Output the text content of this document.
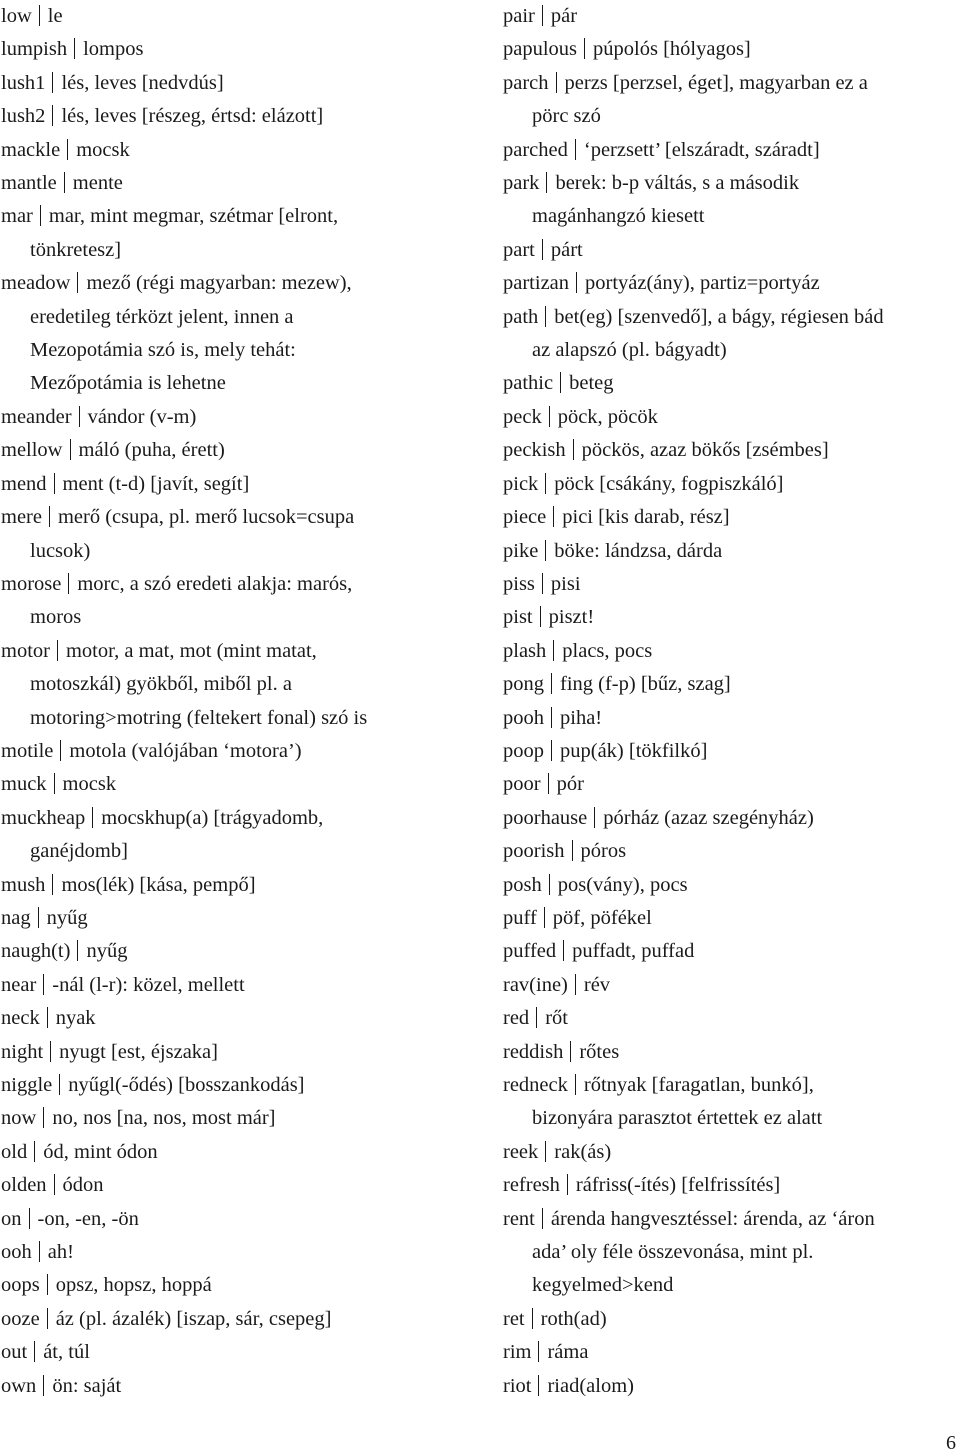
low le
lumpish lompos
lush1 lés, leves [nedvdús]
lush2 lés, leves [részeg, értsd: elázott]
mackle mocsk
mantle mente
mar mar, mint megmar, szétmar [elront,
tönkretesz]
meadow mező (régi magyarban: mezew),
eredetileg térközt jelent, innen a
Mezopotámia szó is, mely tehát:
Mezőpotámia is lehetne
meander vándor (v-m)
mellow máló (puha, érett)
mend ment (t-d) [javít, segít]
mere merő (csupa, pl. merő lucsok=csupa
lucsok)
morose morc, a szó eredeti alakja: marós,
moros
motor motor, a mat, mot (mint matat,
motoszkál) gyökből, miből pl. a
motoring>motring (feltekert fonal) szó is
motile motola (valójában ‘motora’)
muck mocsk
muckheap mocskhup(a) [trágyadomb,
ganéjdomb]
mush mos(lék) [kása, pempő]
nag nyűg
naugh(t) nyűg
near -nál (l-r): közel, mellett
neck nyak
night nyugt [est, éjszaka]
niggle nyűgl(-ődés) [bosszankodás]
now no, nos [na, nos, most már]
old ód, mint ódon
olden ódon
on -on, -en, -ön
ooh ah!
oops opsz, hopsz, hoppá
ooze áz (pl. ázalék) [iszap, sár, csepeg]
out át, túl
own ön: saját
pair pár
papulous púpolós [hólyagos]
parch perzs [perzsel, éget], magyarban ez a
pörc szó
parched ‘perzsett’ [elszáradt, száradt]
park berek: b-p váltás, s a második
magánhangzó kiesett
part párt
partizan portyáz(ány), partiz=portyáz
path bet(eg) [szenvedő], a bágy, régiesen bád
az alapszó (pl. bágyadt)
pathic beteg
peck pöck, pöcök
peckish pöckös, azaz bökős [zsémbes]
pick pöck [csákány, fogpiszkáló]
piece pici [kis darab, rész]
pike böke: lándzsa, dárda
piss pisi
pist piszt!
plash placs, pocs
pong fing (f-p) [bűz, szag]
pooh piha!
poop pup(ák) [tökfilkó]
poor pór
poorhause pórház (azaz szegényház)
poorish póros
posh pos(vány), pocs
puff pöf, pöfékel
puffed puffadt, puffad
rav(ine) rév
red rőt
reddish rőtes
redneck rőtnyak [faragatlan, bunkó],
bizonyára parasztot értettek ez alatt
reek rak(ás)
refresh ráfriss(-ítés) [felfrissítés]
rent árenda hangvesztéssel: árenda, az ‘áron
ada’ oly féle összevonása, mint pl.
kegyelmed>kend
ret roth(ad)
rim ráma
riot riad(alom)
6
